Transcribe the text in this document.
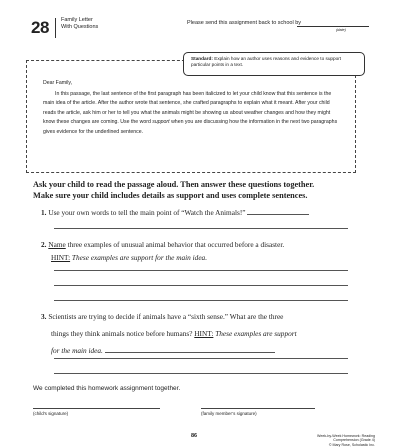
28 Family Letter
With Questions
Please send this assignment back to school by
(date)
Standard: Explain how an author uses reasons and evidence to support particular points in a text.

Dear Family,

In this passage, the last sentence of the first paragraph has been italicized to let your child know that this sentence is the main idea of the article. After the author wrote that sentence, she crafted paragraphs to explain what it meant. After your child reads the article, ask him or her to tell you what the animals might be showing us about weather changes and how they might know these changes are coming. Use the word support when you are discussing how the information in the next two paragraphs gives evidence for the underlined sentence.

Ask your child to read the passage aloud. Then answer these questions together.
Make sure your child includes details as support and uses complete sentences.
1. Use your own words to tell the main point of “Watch the Animals!”
2. Name three examples of unusual animal behavior that occurred before a disaster.
HINT: These examples are support for the main idea.
3. Scientists are trying to decide if animals have a “sixth sense.” What are the three
things they think animals notice before humans? HINT: These examples are support
for the main idea.
We completed this homework assignment together.
(child’s signature)	(family member’s signature)
86	Week-by-Week Homework: Reading Comprehension (Grade 4)
© Mary Rose, Scholastic Inc.
